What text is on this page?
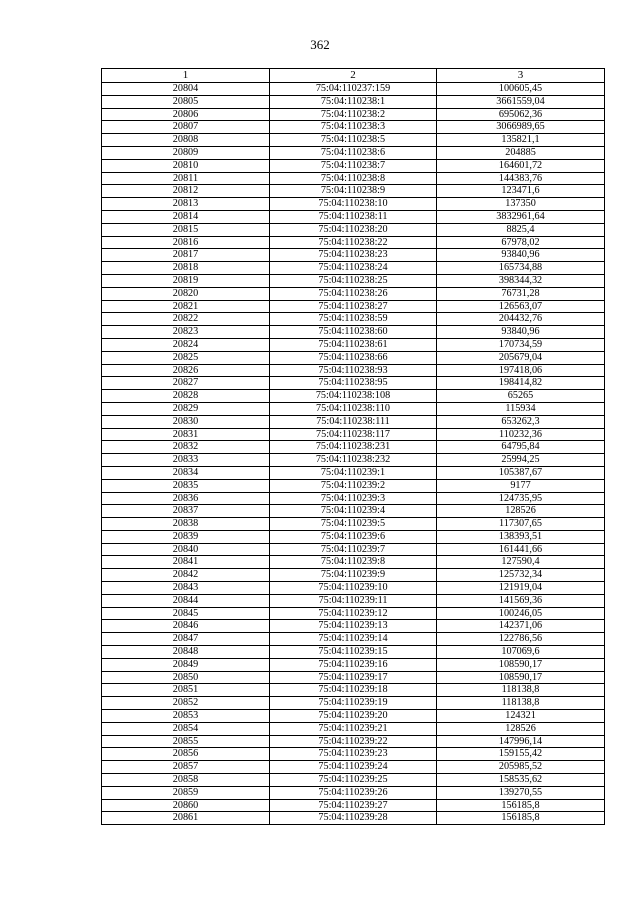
362
1	2	3
20804	75:04:110237:159	100605,45
20805	75:04:110238:1	3661559,04
20806	75:04:110238:2	695062,36
20807	75:04:110238:3	3066989,65
20808	75:04:110238:5	135821,1
20809	75:04:110238:6	204885
20810	75:04:110238:7	164601,72
20811	75:04:110238:8	144383,76
20812	75:04:110238:9	123471,6
20813	75:04:110238:10	137350
20814	75:04:110238:11	3832961,64
20815	75:04:110238:20	8825,4
20816	75:04:110238:22	67978,02
20817	75:04:110238:23	93840,96
20818	75:04:110238:24	165734,88
20819	75:04:110238:25	398344,32
20820	75:04:110238:26	76731,28
20821	75:04:110238:27	126563,07
20822	75:04:110238:59	204432,76
20823	75:04:110238:60	93840,96
20824	75:04:110238:61	170734,59
20825	75:04:110238:66	205679,04
20826	75:04:110238:93	197418,06
20827	75:04:110238:95	198414,82
20828	75:04:110238:108	65265
20829	75:04:110238:110	115934
20830	75:04:110238:111	653262,3
20831	75:04:110238:117	110232,36
20832	75:04:110238:231	64795,84
20833	75:04:110238:232	25994,25
20834	75:04:110239:1	105387,67
20835	75:04:110239:2	9177
20836	75:04:110239:3	124735,95
20837	75:04:110239:4	128526
20838	75:04:110239:5	117307,65
20839	75:04:110239:6	138393,51
20840	75:04:110239:7	161441,66
20841	75:04:110239:8	127590,4
20842	75:04:110239:9	125732,34
20843	75:04:110239:10	121919,04
20844	75:04:110239:11	141569,36
20845	75:04:110239:12	100246,05
20846	75:04:110239:13	142371,06
20847	75:04:110239:14	122786,56
20848	75:04:110239:15	107069,6
20849	75:04:110239:16	108590,17
20850	75:04:110239:17	108590,17
20851	75:04:110239:18	118138,8
20852	75:04:110239:19	118138,8
20853	75:04:110239:20	124321
20854	75:04:110239:21	128526
20855	75:04:110239:22	147996,14
20856	75:04:110239:23	159155,42
20857	75:04:110239:24	205985,52
20858	75:04:110239:25	158535,62
20859	75:04:110239:26	139270,55
20860	75:04:110239:27	156185,8
20861	75:04:110239:28	156185,8
